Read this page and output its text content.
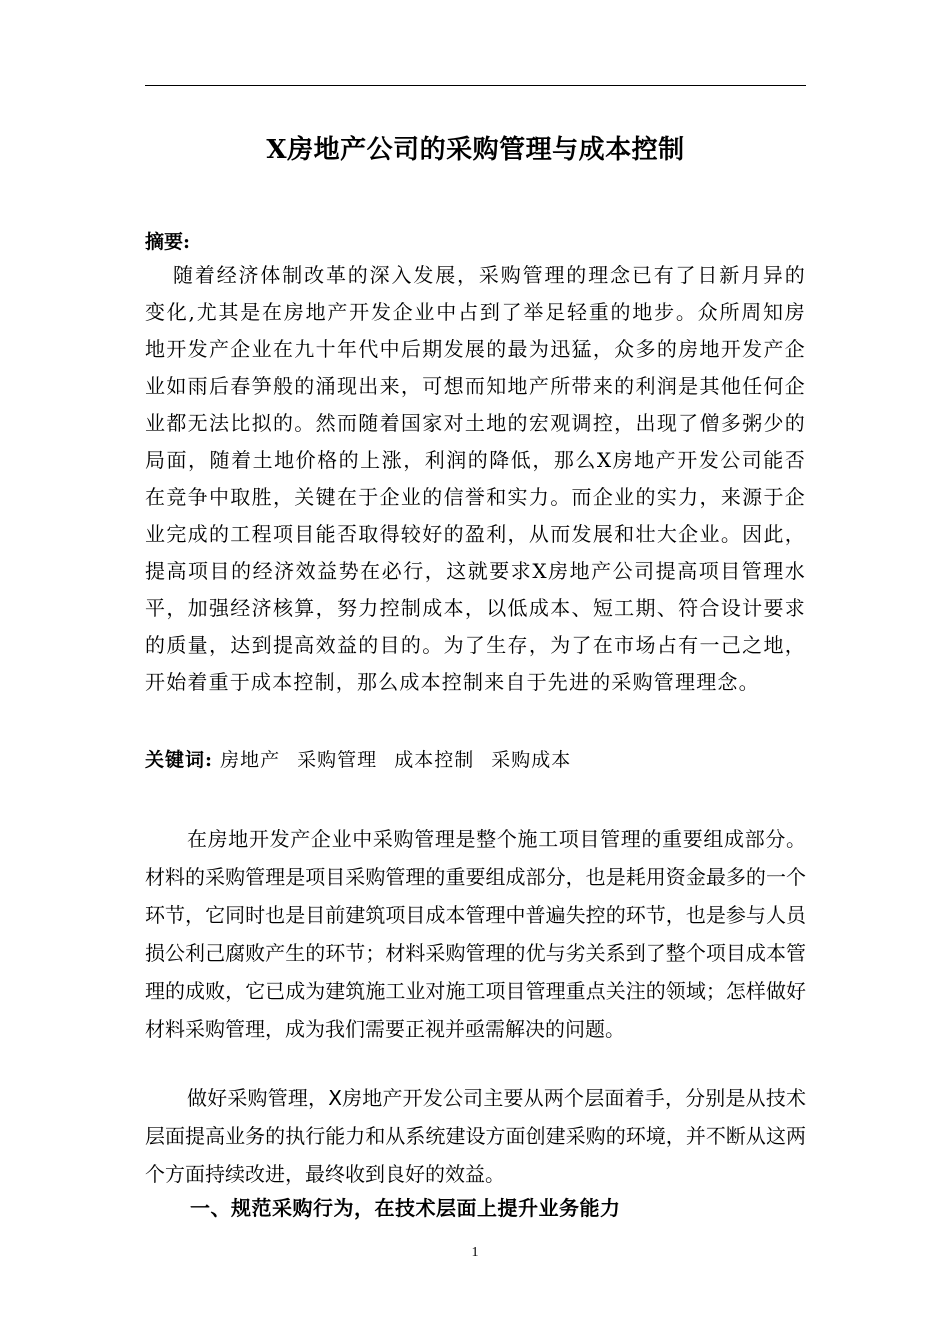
X房地产公司的采购管理与成本控制
摘要:
随着经济体制改革的深入发展，采购管理的理念已有了日新月异的变化,尤其是在房地产开发企业中占到了举足轻重的地步。众所周知房地开发产企业在九十年代中后期发展的最为迅猛，众多的房地开发产企业如雨后春笋般的涌现出来，可想而知地产所带来的利润是其他任何企业都无法比拟的。然而随着国家对土地的宏观调控，出现了僧多粥少的局面，随着土地价格的上涨，利润的降低，那么X房地产开发公司能否在竞争中取胜，关键在于企业的信誉和实力。而企业的实力，来源于企业完成的工程项目能否取得较好的盈利，从而发展和壮大企业。因此，提高项目的经济效益势在必行，这就要求X房地产公司提高项目管理水平，加强经济核算，努力控制成本，以低成本、短工期、符合设计要求的质量，达到提高效益的目的。为了生存，为了在市场占有一己之地，开始着重于成本控制，那么成本控制来自于先进的采购管理理念。
关键词: 房地产 采购管理 成本控制 采购成本
在房地开发产企业中采购管理是整个施工项目管理的重要组成部分。材料的采购管理是项目采购管理的重要组成部分，也是耗用资金最多的一个环节，它同时也是目前建筑项目成本管理中普遍失控的环节，也是参与人员损公利己腐败产生的环节；材料采购管理的优与劣关系到了整个项目成本管理的成败，它已成为建筑施工业对施工项目管理重点关注的领域；怎样做好材料采购管理，成为我们需要正视并亟需解决的问题。
做好采购管理，X房地产开发公司主要从两个层面着手，分别是从技术层面提高业务的执行能力和从系统建设方面创建采购的环境，并不断从这两个方面持续改进，最终收到良好的效益。
一、规范采购行为，在技术层面上提升业务能力
1
